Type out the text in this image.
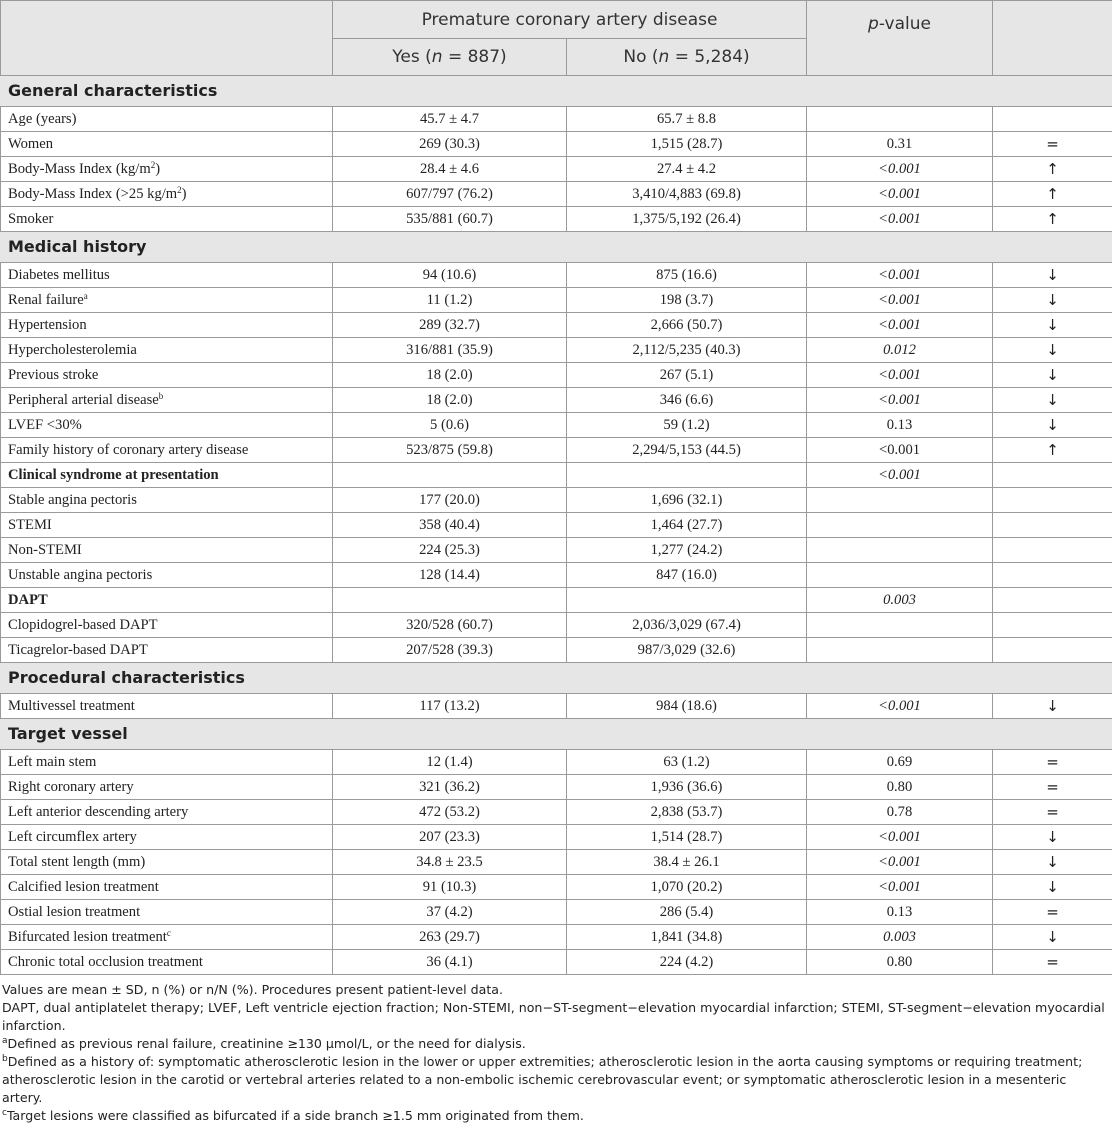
	Premature coronary artery disease		p-value	
	Yes (n = 887)	No (n = 5,284)		
General characteristics				
Age (years)	45.7 ± 4.7	65.7 ± 8.8		
Women	269 (30.3)	1,515 (28.7)	0.31	=
Body-Mass Index $(kg/m^2)$	28.4 ± 4.6	27.4 ± 4.2	<0.001	↑
Body-Mass Index (>25 $kg/m^2$)	607/797 (76.2)	3,410/4,883 (69.8)	<0.001	↑
Smoker	535/881 (60.7)	1,375/5,192 (26.4)	<0.001	↑
Medical history				
Diabetes mellitus	94 (10.6)	875 (16.6)	<0.001	↓
Renal failure$^a$	11 (1.2)	198 (3.7)	<0.001	↓
Hypertension	289 (32.7)	2,666 (50.7)	<0.001	↓
Hypercholesterolemia	316/881 (35.9)	2,112/5,235 (40.3)	0.012	↓
Previous stroke	18 (2.0)	267 (5.1)	<0.001	↓
Peripheral arterial disease$^b$	18 (2.0)	346 (6.6)	<0.001	↓
LVEF <30%	5 (0.6)	59 (1.2)	0.13	↓
Family history of coronary artery disease	523/875 (59.8)	2,294/5,153 (44.5)	<0.001	↑
Clinical syndrome at presentation			<0.001	
Stable angina pectoris	177 (20.0)	1,696 (32.1)		
STEMI	358 (40.4)	1,464 (27.7)		
Non-STEMI	224 (25.3)	1,277 (24.2)		
Unstable angina pectoris	128 (14.4)	847 (16.0)		
DAPT			0.003	
Clopidogrel-based DAPT	320/528 (60.7)	2,036/3,029 (67.4)		
Ticagrelor-based DAPT	207/528 (39.3)	987/3,029 (32.6)		
Procedural characteristics				
Multivessel treatment	117 (13.2)	984 (18.6)	<0.001	↓
Target vessel				
Left main stem	12 (1.4)	63 (1.2)	0.69	=
Right coronary artery	321 (36.2)	1,936 (36.6)	0.80	=
Left anterior descending artery	472 (53.2)	2,838 (53.7)	0.78	=
Left circumflex artery	207 (23.3)	1,514 (28.7)	<0.001	↓
Total stent length (mm)	34.8 ± 23.5	38.4 ± 26.1	<0.001	↓
Calcified lesion treatment	91 (10.3)	1,070 (20.2)	<0.001	↓
Ostial lesion treatment	37 (4.2)	286 (5.4)	0.13	=
Bifurcated lesion treatment$^c$	263 (29.7)	1,841 (34.8)	0.003	↓
Chronic total occlusion treatment	36 (4.1)	224 (4.2)	0.80	=

Values are mean ± SD, n (%) or n/N (%). Procedures present patient-level data.

DAPT, dual antiplatelet therapy; LVEF, Left ventricle ejection fraction; Non-STEMI, non−ST-segment−elevation myocardial infarction; STEMI, ST-segment−elevation myocardial infarction.

$^a$Defined as previous renal failure, creatinine ≥130 µmol/L, or the need for dialysis.

$^b$Defined as a history of: symptomatic atherosclerotic lesion in the lower or upper extremities; atherosclerotic lesion in the aorta causing symptoms or requiring treatment; atherosclerotic lesion in the carotid or vertebral arteries related to a non-embolic ischemic cerebrovascular event; or symptomatic atherosclerotic lesion in a mesenteric artery.

$^c$Target lesions were classified as bifurcated if a side branch ≥1.5 mm originated from them.
